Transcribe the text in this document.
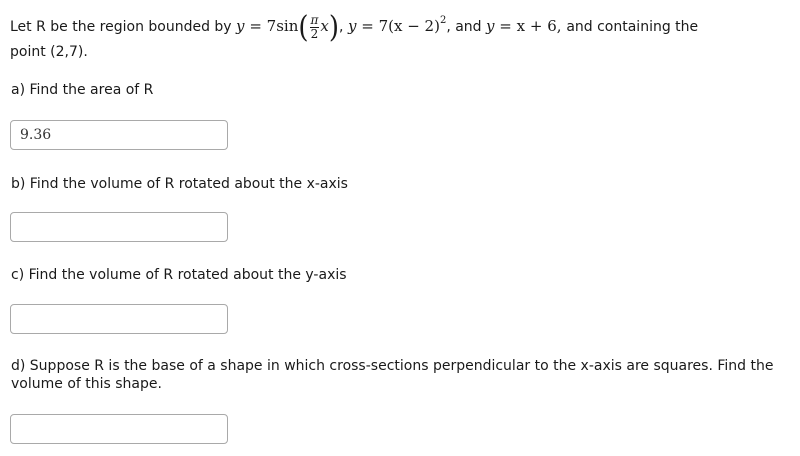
Let R be the region bounded by $y = 7\sin( \frac{\pi}{2} x)$, $y = 7(x - 2)^2$, and y = x + 6, and containing the
point (2,7).
a) Find the area of R
9.36
b) Find the volume of R rotated about the x-axis
c) Find the volume of R rotated about the y-axis
d) Suppose R is the base of a shape in which cross-sections perpendicular to the x-axis are squares. Find the
volume of this shape.
